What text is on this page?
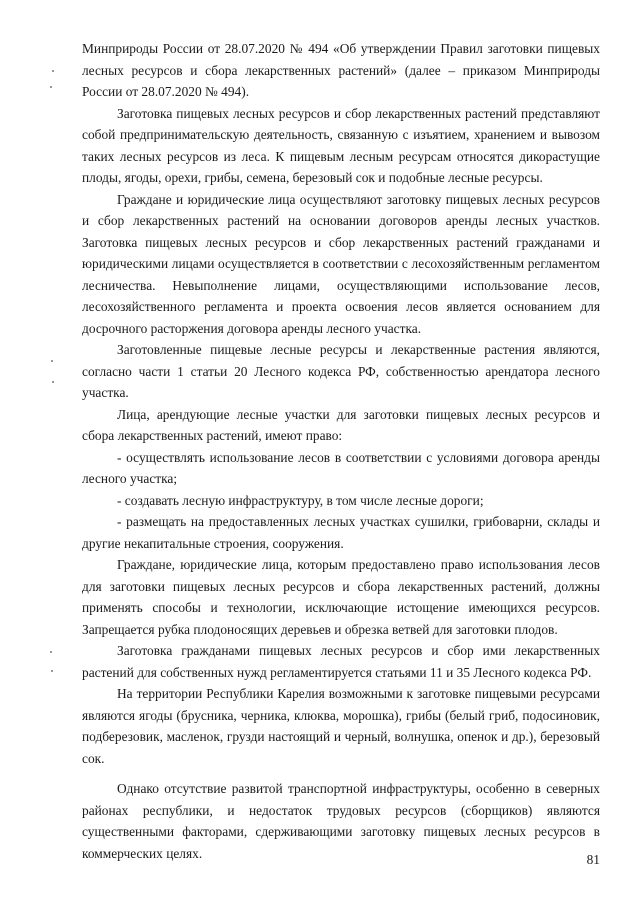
Минприроды России от 28.07.2020 № 494 «Об утверждении Правил заготовки пищевых лесных ресурсов и сбора лекарственных растений» (далее – приказом Минприроды России от 28.07.2020 № 494).

Заготовка пищевых лесных ресурсов и сбор лекарственных растений представляют собой предпринимательскую деятельность, связанную с изъятием, хранением и вывозом таких лесных ресурсов из леса. К пищевым лесным ресурсам относятся дикорастущие плоды, ягоды, орехи, грибы, семена, березовый сок и подобные лесные ресурсы.

Граждане и юридические лица осуществляют заготовку пищевых лесных ресурсов и сбор лекарственных растений на основании договоров аренды лесных участков. Заготовка пищевых лесных ресурсов и сбор лекарственных растений гражданами и юридическими лицами осуществляется в соответствии с лесохозяйственным регламентом лесничества. Невыполнение лицами, осуществляющими использование лесов, лесохозяйственного регламента и проекта освоения лесов является основанием для досрочного расторжения договора аренды лесного участка.

Заготовленные пищевые лесные ресурсы и лекарственные растения являются, согласно части 1 статьи 20 Лесного кодекса РФ, собственностью арендатора лесного участка.

Лица, арендующие лесные участки для заготовки пищевых лесных ресурсов и сбора лекарственных растений, имеют право:

- осуществлять использование лесов в соответствии с условиями договора аренды лесного участка;

- создавать лесную инфраструктуру, в том числе лесные дороги;

- размещать на предоставленных лесных участках сушилки, грибоварни, склады и другие некапитальные строения, сооружения.

Граждане, юридические лица, которым предоставлено право использования лесов для заготовки пищевых лесных ресурсов и сбора лекарственных растений, должны применять способы и технологии, исключающие истощение имеющихся ресурсов. Запрещается рубка плодоносящих деревьев и обрезка ветвей для заготовки плодов.

Заготовка гражданами пищевых лесных ресурсов и сбор ими лекарственных растений для собственных нужд регламентируется статьями 11 и 35 Лесного кодекса РФ.

На территории Республики Карелия возможными к заготовке пищевыми ресурсами являются ягоды (брусника, черника, клюква, морошка), грибы (белый гриб, подосиновик, подберезовик, масленок, грузди настоящий и черный, волнушка, опенок и др.), березовый сок.

Однако отсутствие развитой транспортной инфраструктуры, особенно в северных районах республики, и недостаток трудовых ресурсов (сборщиков) являются существенными факторами, сдерживающими заготовку пищевых лесных ресурсов в коммерческих целях.	81
